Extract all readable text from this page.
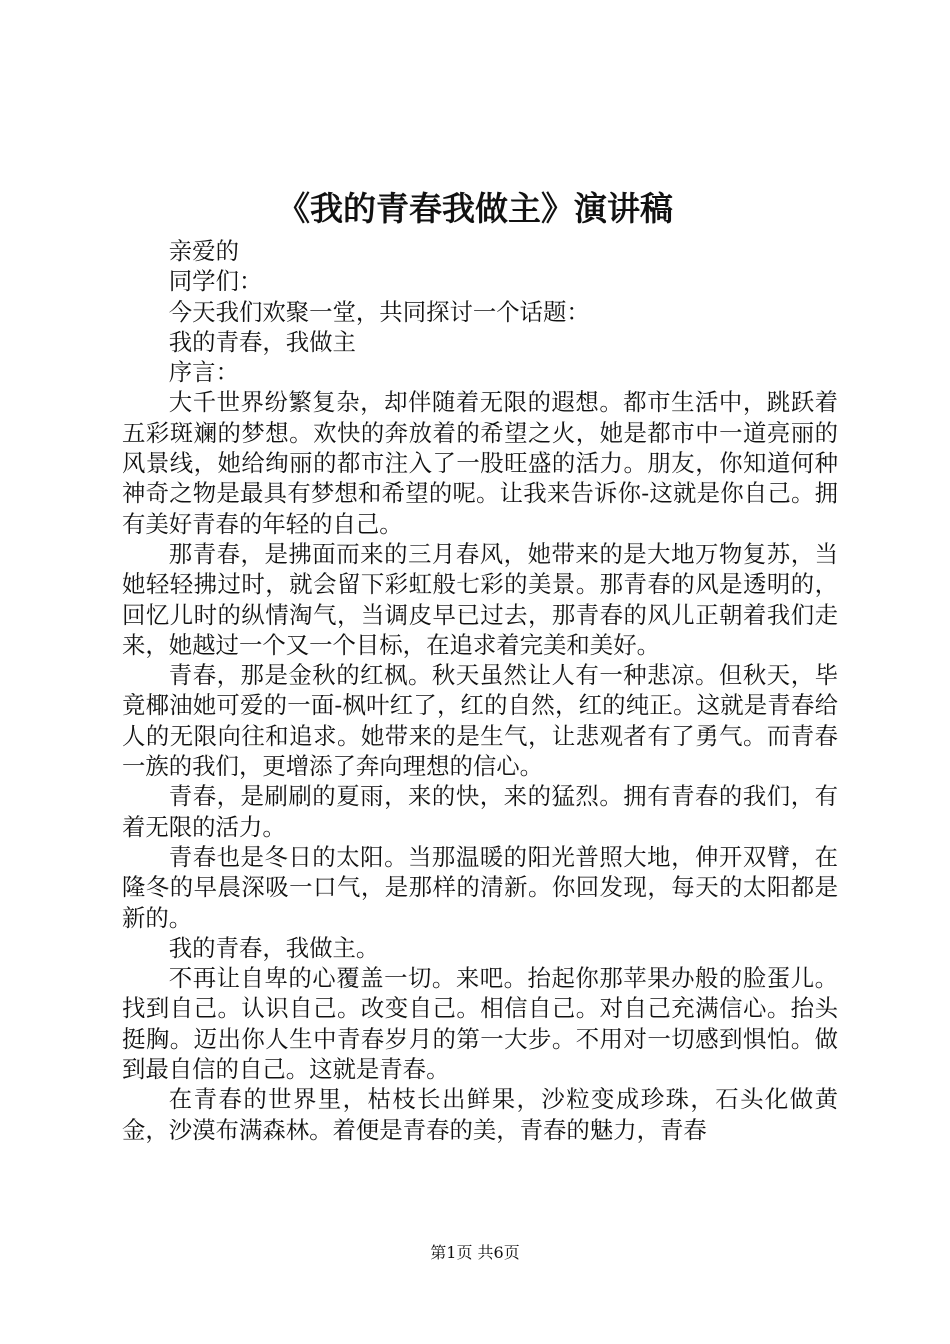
《我的青春我做主》演讲稿

亲爱的

同学们：

今天我们欢聚一堂，共同探讨一个话题：

我的青春，我做主

序言：

大千世界纷繁复杂，却伴随着无限的遐想。都市生活中，跳跃着五彩斑斓的梦想。欢快的奔放着的希望之火，她是都市中一道亮丽的风景线，她给绚丽的都市注入了一股旺盛的活力。朋友，你知道何种神奇之物是最具有梦想和希望的呢。让我来告诉你-这就是你自己。拥有美好青春的年轻的自己。

那青春，是拂面而来的三月春风，她带来的是大地万物复苏，当她轻轻拂过时，就会留下彩虹般七彩的美景。那青春的风是透明的，回忆儿时的纵情淘气，当调皮早已过去，那青春的风儿正朝着我们走来，她越过一个又一个目标，在追求着完美和美好。

青春，那是金秋的红枫。秋天虽然让人有一种悲凉。但秋天，毕竟椰油她可爱的一面-枫叶红了，红的自然，红的纯正。这就是青春给人的无限向往和追求。她带来的是生气，让悲观者有了勇气。而青春一族的我们，更增添了奔向理想的信心。

青春，是刷刷的夏雨，来的快，来的猛烈。拥有青春的我们，有着无限的活力。

青春也是冬日的太阳。当那温暖的阳光普照大地，伸开双臂，在隆冬的早晨深吸一口气，是那样的清新。你回发现，每天的太阳都是新的。

我的青春，我做主。

不再让自卑的心覆盖一切。来吧。抬起你那苹果办般的脸蛋儿。找到自己。认识自己。改变自己。相信自己。对自己充满信心。抬头挺胸。迈出你人生中青春岁月的第一大步。不用对一切感到惧怕。做到最自信的自己。这就是青春。

在青春的世界里，枯枝长出鲜果，沙粒变成珍珠，石头化做黄金，沙漠布满森林。着便是青春的美，青春的魅力，青春

第1页 共6页
